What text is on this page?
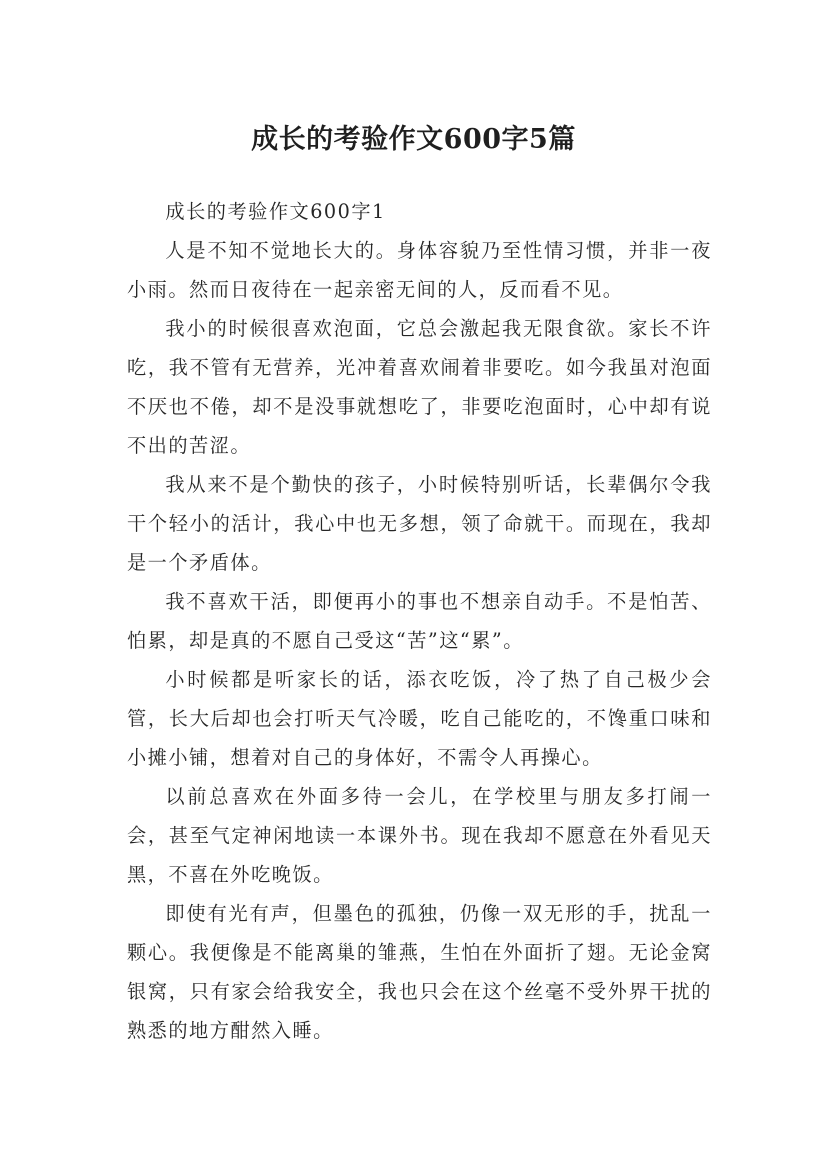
成长的考验作文600字5篇

成长的考验作文600字1

人是不知不觉地长大的。身体容貌乃至性情习惯，并非一夜小雨。然而日夜待在一起亲密无间的人，反而看不见。

我小的时候很喜欢泡面，它总会激起我无限食欲。家长不许吃，我不管有无营养，光冲着喜欢闹着非要吃。如今我虽对泡面不厌也不倦，却不是没事就想吃了，非要吃泡面时，心中却有说不出的苦涩。

我从来不是个勤快的孩子，小时候特别听话，长辈偶尔令我干个轻小的活计，我心中也无多想，领了命就干。而现在，我却是一个矛盾体。

我不喜欢干活，即便再小的事也不想亲自动手。不是怕苦、怕累，却是真的不愿自己受这“苦”这“累”。

小时候都是听家长的话，添衣吃饭，冷了热了自己极少会管，长大后却也会打听天气冷暖，吃自己能吃的，不馋重口味和小摊小铺，想着对自己的身体好，不需令人再操心。

以前总喜欢在外面多待一会儿，在学校里与朋友多打闹一会，甚至气定神闲地读一本课外书。现在我却不愿意在外看见天黑，不喜在外吃晚饭。

即使有光有声，但墨色的孤独，仍像一双无形的手，扰乱一颗心。我便像是不能离巢的雏燕，生怕在外面折了翅。无论金窝银窝，只有家会给我安全，我也只会在这个丝毫不受外界干扰的熟悉的地方酣然入睡。
